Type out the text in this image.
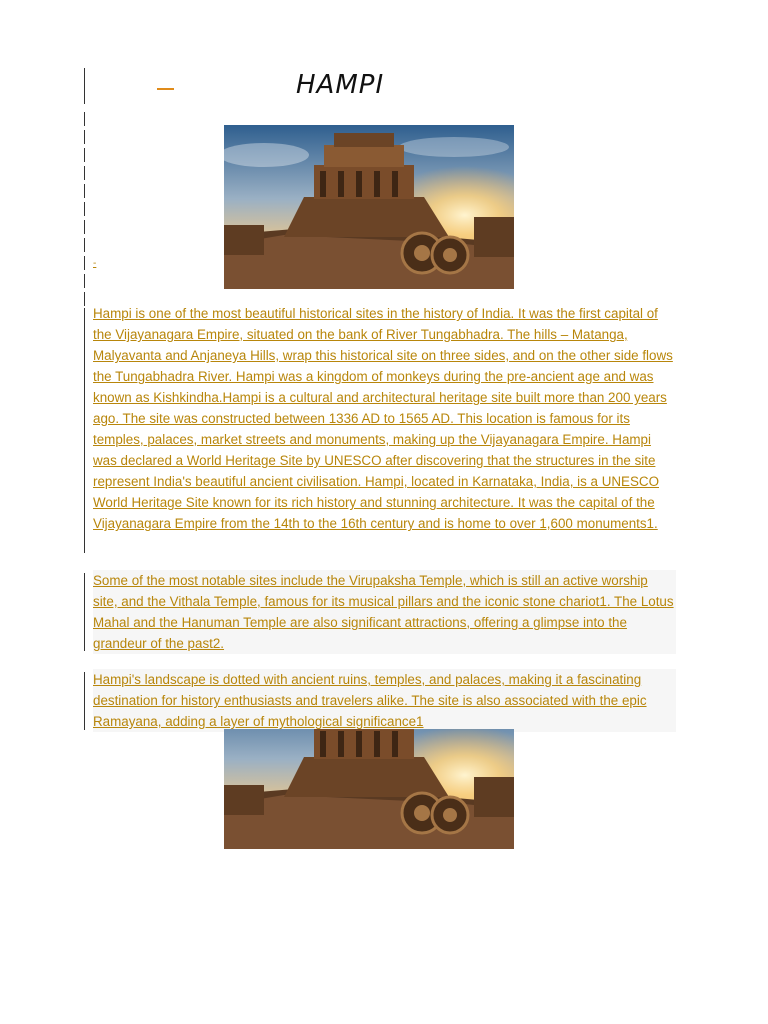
HAMPI
-

Hampi is one of the most beautiful historical sites in the history of India. It was the first capital of the Vijayanagara Empire, situated on the bank of River Tungabhadra. The hills – Matanga, Malyavanta and Anjaneya Hills, wrap this historical site on three sides, and on the other side flows the Tungabhadra River. Hampi was a kingdom of monkeys during the pre-ancient age and was known as Kishkindha.Hampi is a cultural and architectural heritage site built more than 200 years ago. The site was constructed between 1336 AD to 1565 AD. This location is famous for its temples, palaces, market streets and monuments, making up the Vijayanagara Empire. Hampi was declared a World Heritage Site by UNESCO after discovering that the structures in the site represent India's beautiful ancient civilisation. Hampi, located in Karnataka, India, is a UNESCO World Heritage Site known for its rich history and stunning architecture. It was the capital of the Vijayanagara Empire from the 14th to the 16th century and is home to over 1,600 monuments1.

Some of the most notable sites include the Virupaksha Temple, which is still an active worship site, and the Vithala Temple, famous for its musical pillars and the iconic stone chariot1. The Lotus Mahal and the Hanuman Temple are also significant attractions, offering a glimpse into the grandeur of the past2.

Hampi's landscape is dotted with ancient ruins, temples, and palaces, making it a fascinating destination for history enthusiasts and travelers alike. The site is also associated with the epic Ramayana, adding a layer of mythological significance1
